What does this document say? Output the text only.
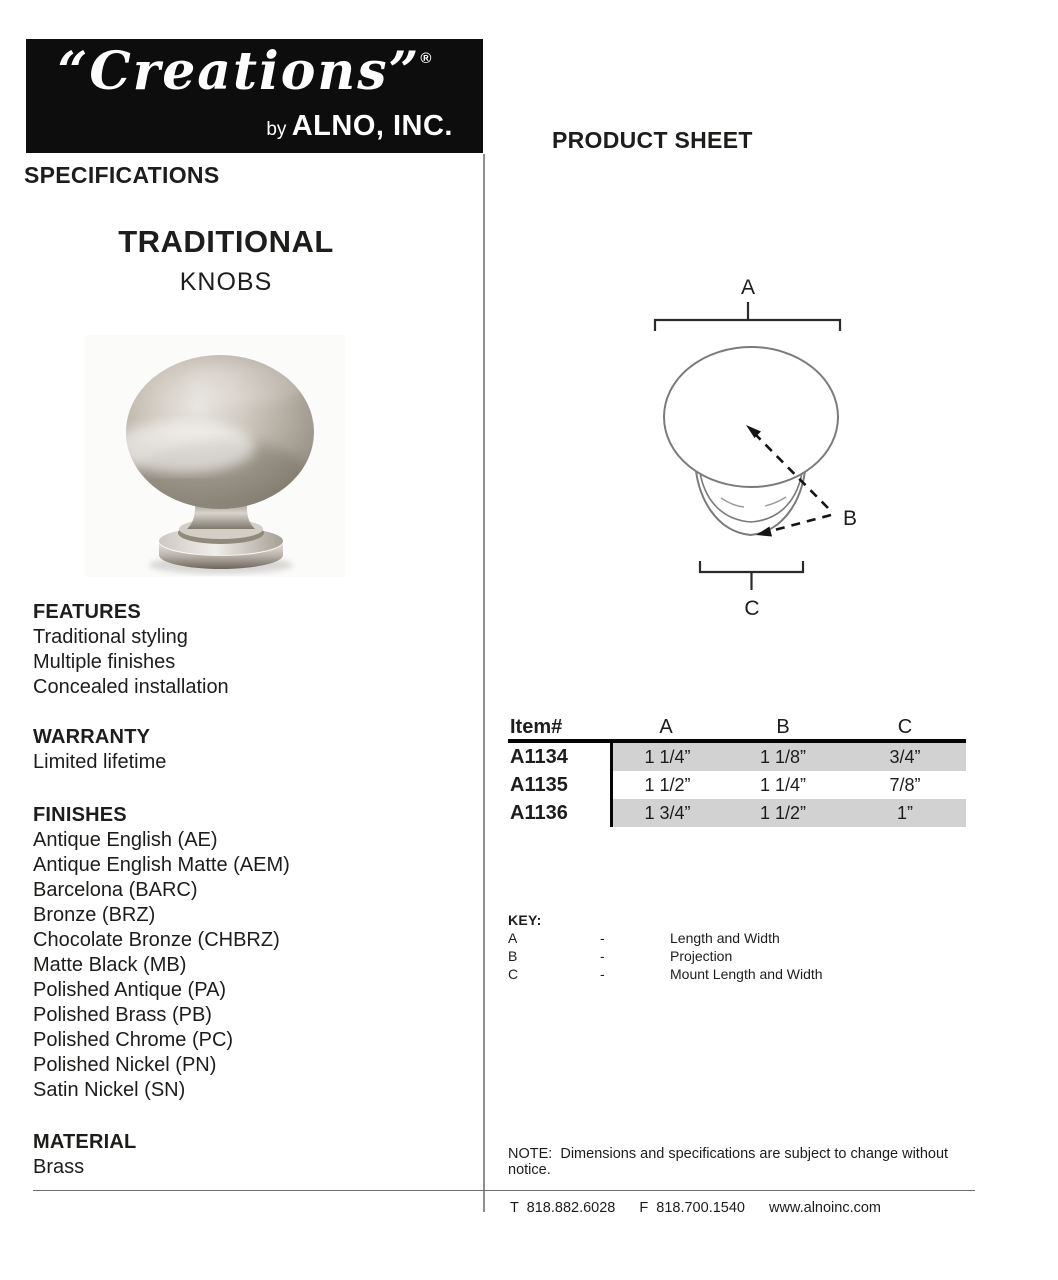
“Creations”®
by ALNO, INC.
SPECIFICATIONS
PRODUCT SHEET
TRADITIONAL
KNOBS
FEATURES
Traditional styling
Multiple finishes
Concealed installation
WARRANTY
Limited lifetime
FINISHES
Antique English (AE)
Antique English Matte (AEM)
Barcelona (BARC)
Bronze (BRZ)
Chocolate Bronze (CHBRZ)
Matte Black (MB)
Polished Antique (PA)
Polished Brass (PB)
Polished Chrome (PC)
Polished Nickel (PN)
Satin Nickel (SN)
MATERIAL
Brass
A
C
B
Item#	A	B	C
A1134	1 1/4”	1 1/8”	3/4”
A1135	1 1/2”	1 1/4”	7/8”
A1136	1 3/4”	1 1/2”	1”
KEY:
A	-	Length and Width
B	-	Projection
C	-	Mount Length and Width
NOTE:  Dimensions and specifications are subject to change without notice.
T  818.882.6028 F  818.700.1540 www.alnoinc.com
